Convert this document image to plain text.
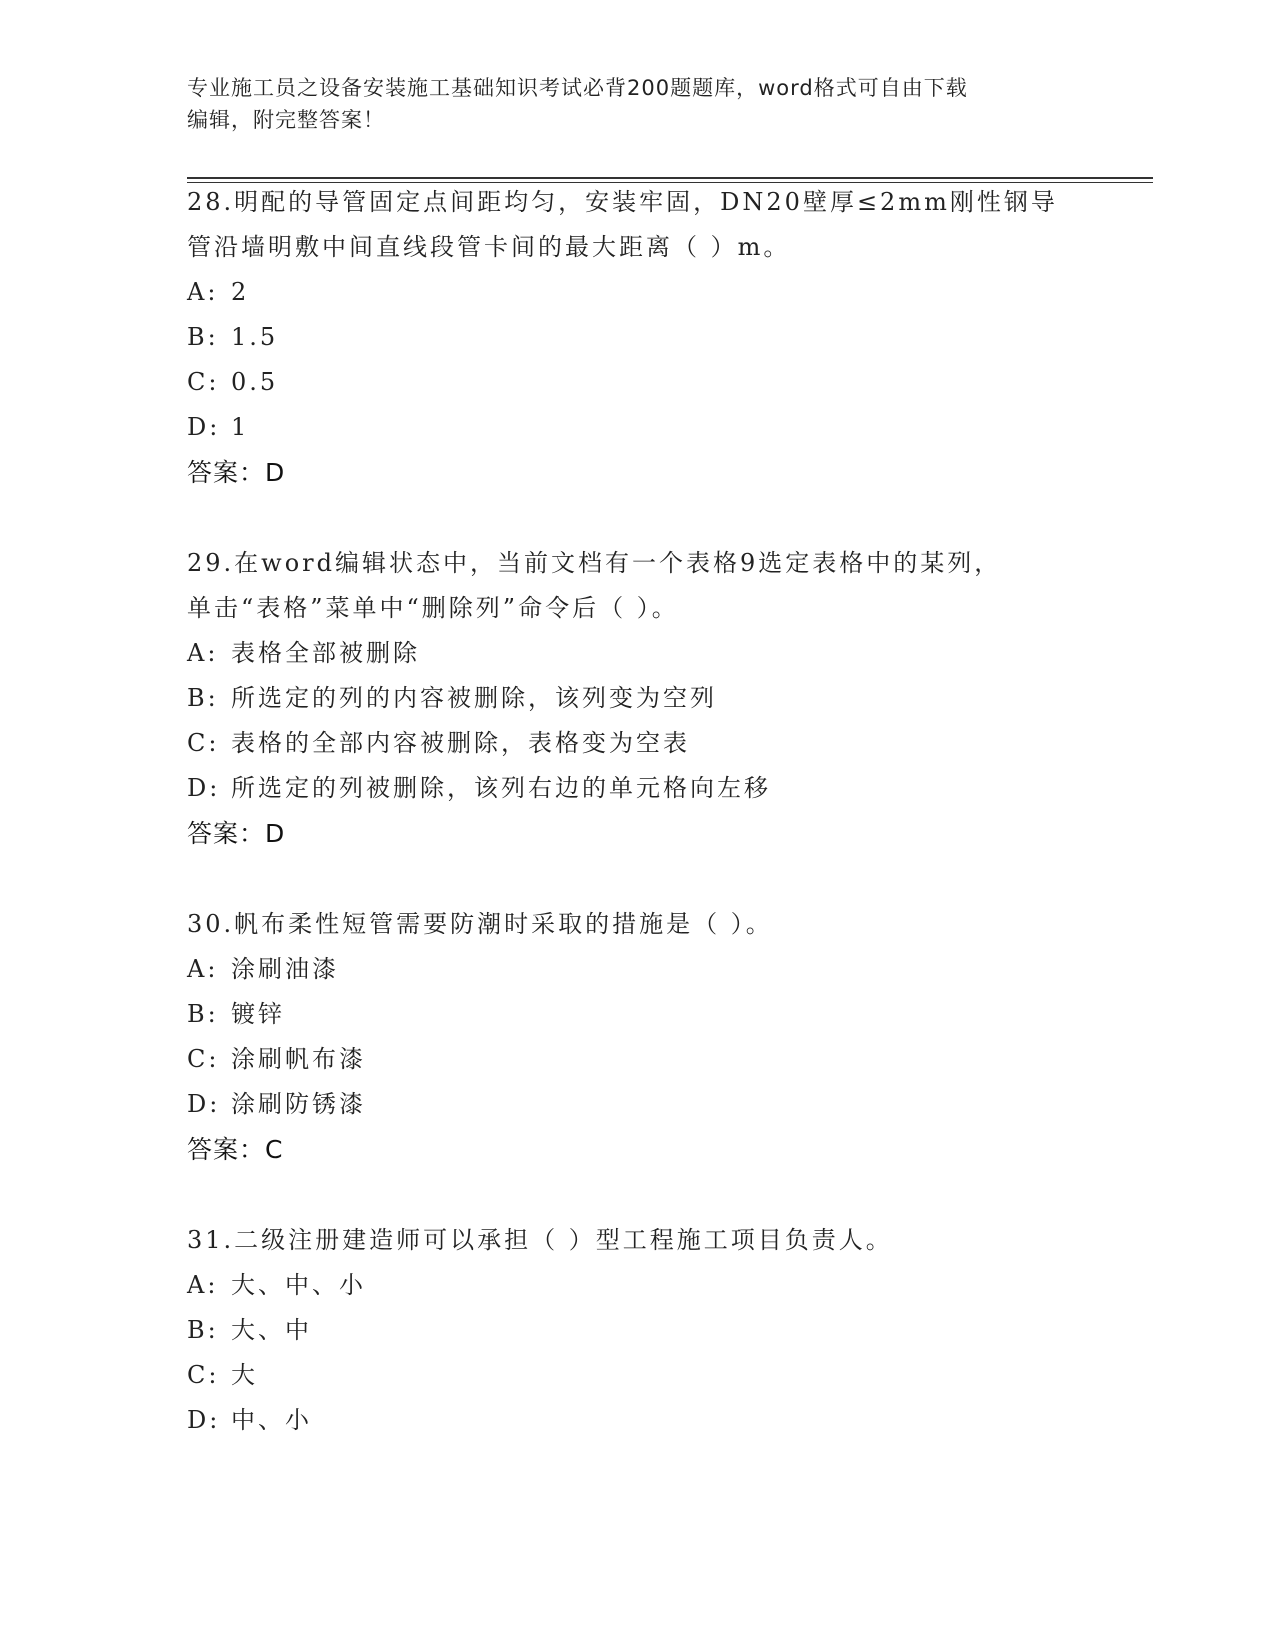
专业施工员之设备安装施工基础知识考试必背200题题库，word格式可自由下载
编辑，附完整答案！
28.明配的导管固定点间距均匀，安装牢固，DN20壁厚≤2mm刚性钢导
管沿墙明敷中间直线段管卡间的最大距离（ ）m。
A: 2
B: 1.5
C: 0.5
D: 1
答案：D
29.在word编辑状态中，当前文档有一个表格9选定表格中的某列，
单击“表格”菜单中“删除列”命令后（ ）。
A: 表格全部被删除
B: 所选定的列的内容被删除，该列变为空列
C: 表格的全部内容被删除，表格变为空表
D: 所选定的列被删除，该列右边的单元格向左移
答案：D
30.帆布柔性短管需要防潮时采取的措施是（ ）。
A: 涂刷油漆
B: 镀锌
C: 涂刷帆布漆
D: 涂刷防锈漆
答案：C
31.二级注册建造师可以承担（ ）型工程施工项目负责人。
A: 大、中、小
B: 大、中
C: 大
D: 中、小
